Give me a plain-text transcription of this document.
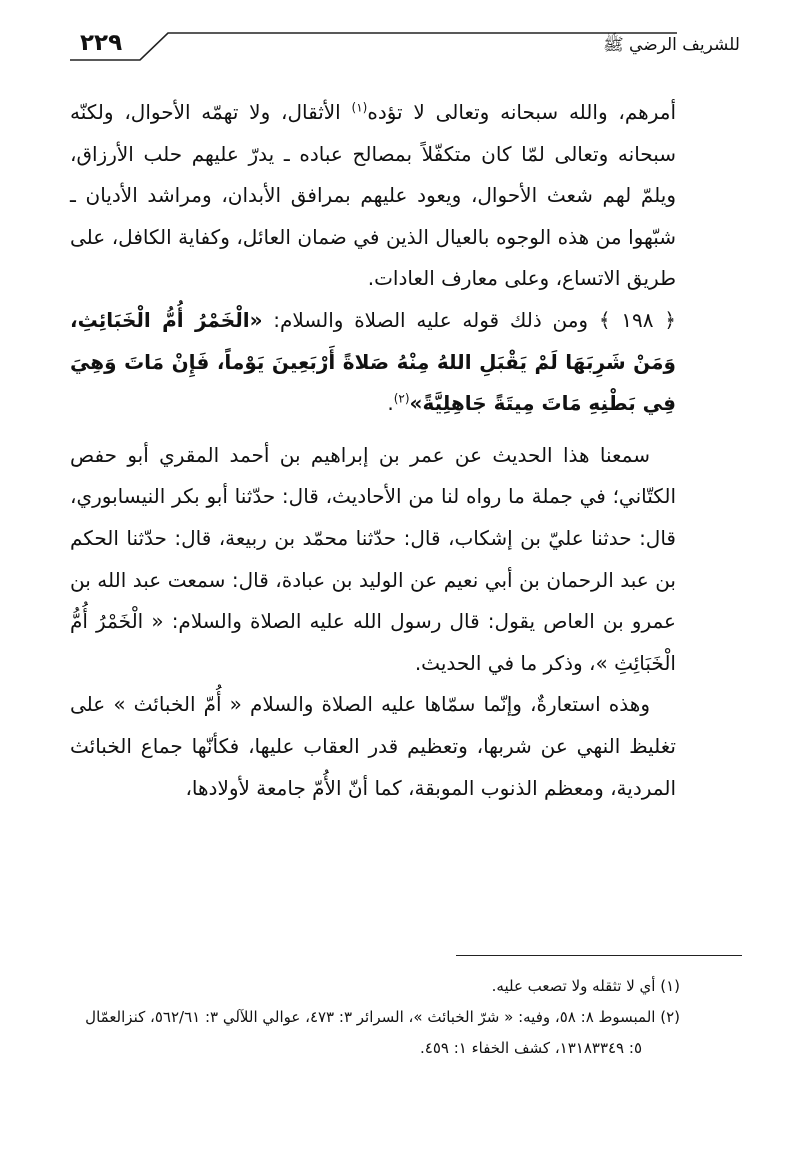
للشريف الرضي ﷺ
٢٢٩

أمرهم، والله سبحانه وتعالى لا تؤده$^{(١)}$ الأثقال، ولا تهمّه الأحوال، ولكنّه سبحانه وتعالى لمّا كان متكفّلاً بمصالح عباده ـ يدرّ عليهم حلب الأرزاق، ويلمّ لهم شعث الأحوال، ويعود عليهم بمرافق الأبدان، ومراشد الأديان ـ شبّهوا من هذه الوجوه بالعيال الذين في ضمان العائل، وكفاية الكافل، على طريق الاتساع، وعلى معارف العادات.

﴿ ١٩٨ ﴾ ومن ذلك قوله عليه الصلاة والسلام: «الْخَمْرُ أُمُّ الْخَبَائِثِ، وَمَنْ شَرِبَهَا لَمْ يَقْبَلِ اللهُ مِنْهُ صَلاةً أَرْبَعِينَ يَوْماً، فَإِنْ مَاتَ وَهِيَ فِي بَطْنِهِ مَاتَ مِيتَةً جَاهِلِيَّةً»$^{(٢)}$.

سمعنا هذا الحديث عن عمر بن إبراهيم بن أحمد المقري أبو حفص الكتّاني؛ في جملة ما رواه لنا من الأحاديث، قال: حدّثنا أبو بكر النيسابوري، قال: حدثنا عليّ بن إشكاب، قال: حدّثنا محمّد بن ربيعة، قال: حدّثنا الحكم بن عبد الرحمان بن أبي نعيم عن الوليد بن عبادة، قال: سمعت عبد الله بن عمرو بن العاص يقول: قال رسول الله عليه الصلاة والسلام: « الْخَمْرُ أُمُّ الْخَبَائِثِ »، وذكر ما في الحديث.

وهذه استعارةٌ، وإنّما سمّاها عليه الصلاة والسلام « أُمّ الخبائث » على تغليظ النهي عن شربها، وتعظيم قدر العقاب عليها، فكأنّها جماع الخبائث المردية، ومعظم الذنوب الموبقة، كما أنّ الأُمّ جامعة لأولادها،

(١) أي لا تثقله ولا تصعب عليه.

(٢) المبسوط ٨: ٥٨، وفيه: « شرّ الخبائث »، السرائر ٣: ٤٧٣، عوالي اللآلي ٣: ٥٦٢/٦١، كنزالعمّال

٥: ١٣١٨٣٣٤٩، كشف الخفاء ١: ٤٥٩.
